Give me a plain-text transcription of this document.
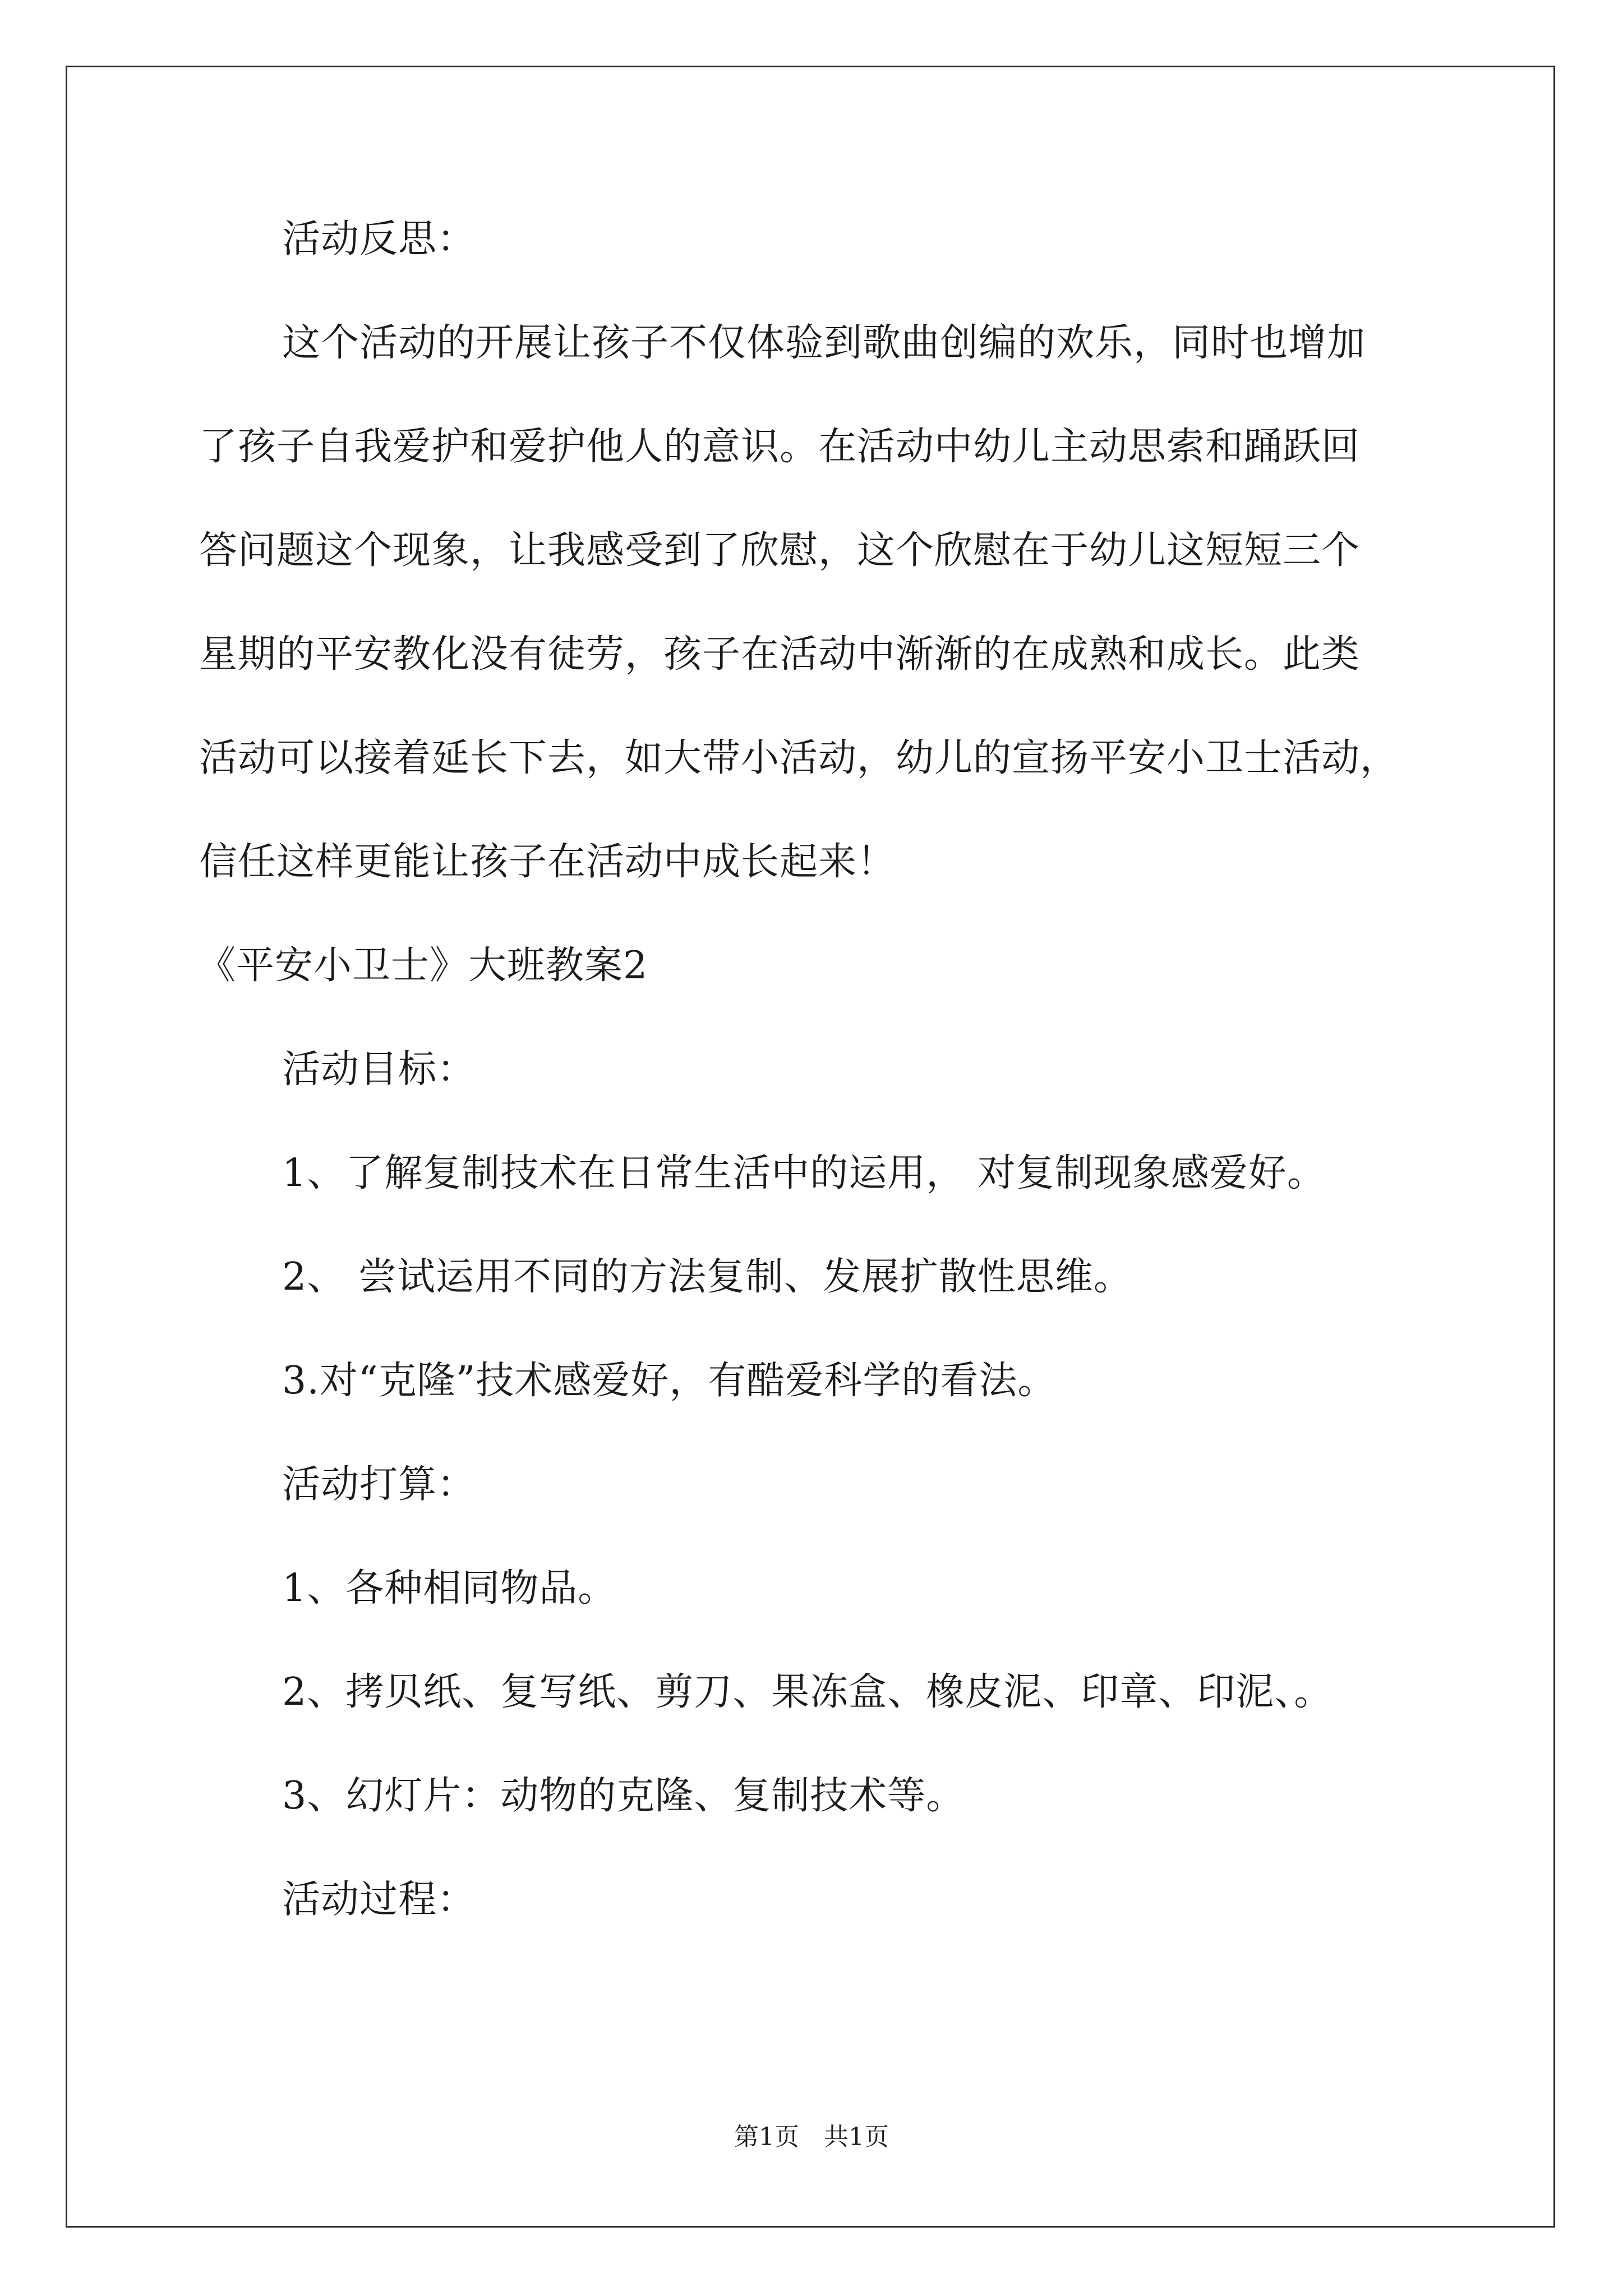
活动反思：
这个活动的开展让孩子不仅体验到歌曲创编的欢乐，同时也增加
了孩子自我爱护和爱护他人的意识。在活动中幼儿主动思索和踊跃回
答问题这个现象，让我感受到了欣慰，这个欣慰在于幼儿这短短三个
星期的平安教化没有徒劳，孩子在活动中渐渐的在成熟和成长。此类
活动可以接着延长下去，如大带小活动，幼儿的宣扬平安小卫士活动，
信任这样更能让孩子在活动中成长起来！
《平安小卫士》大班教案2
活动目标：
1、了解复制技术在日常生活中的运用， 对复制现象感爱好。
2、 尝试运用不同的方法复制、发展扩散性思维。
3.对“克隆”技术感爱好，有酷爱科学的看法。
活动打算：
1、各种相同物品。
2、拷贝纸、复写纸、剪刀、果冻盒、橡皮泥、印章、印泥、。
3、幻灯片：动物的克隆、复制技术等。
活动过程：
第1页　共1页
